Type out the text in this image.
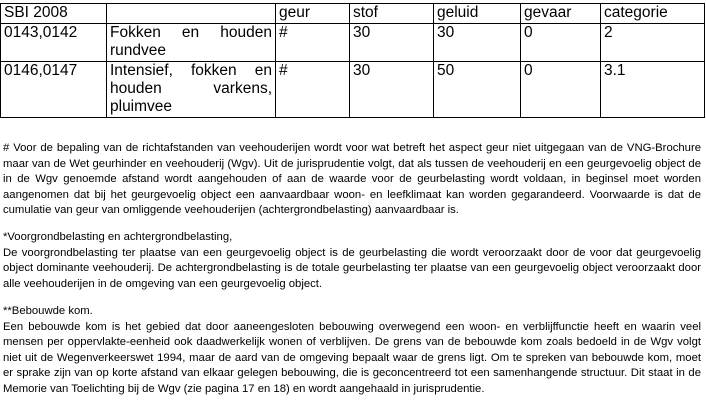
SBI 2008		geur	stof	geluid	gevaar	categorie
0143,0142	Fokken en houden rundvee	#	30	30	0	2
0146,0147	Intensief, fokken en houden varkens, pluimvee	#	30	50	0	3.1

# Voor de bepaling van de richtafstanden van veehouderijen wordt voor wat betreft het aspect geur niet uitgegaan van de VNG-Brochure maar van de Wet geurhinder en veehouderij (Wgv). Uit de jurisprudentie volgt, dat als tussen de veehouderij en een geurgevoelig object de in de Wgv genoemde afstand wordt aangehouden of aan de waarde voor de geurbelasting wordt voldaan, in beginsel moet worden aangenomen dat bij het geurgevoelig object een aanvaardbaar woon- en leefklimaat kan worden gegarandeerd. Voorwaarde is dat de cumulatie van geur van omliggende veehouderijen (achtergrondbelasting) aanvaardbaar is.

*Voorgrondbelasting en achtergrondbelasting,

De voorgrondbelasting ter plaatse van een geurgevoelig object is de geurbelasting die wordt veroorzaakt door de voor dat geurgevoelig object dominante veehouderij. De achtergrondbelasting is de totale geurbelasting ter plaatse van een geurgevoelig object veroorzaakt door alle veehouderijen in de omgeving van een geurgevoelig object.

**Bebouwde kom.

Een bebouwde kom is het gebied dat door aaneengesloten bebouwing overwegend een woon- en verblijffunctie heeft en waarin veel mensen per oppervlakte-eenheid ook daadwerkelijk wonen of verblijven. De grens van de bebouwde kom zoals bedoeld in de Wgv volgt niet uit de Wegenverkeerswet 1994, maar de aard van de omgeving bepaalt waar de grens ligt. Om te spreken van bebouwde kom, moet er sprake zijn van op korte afstand van elkaar gelegen bebouwing, die is geconcentreerd tot een samenhangende structuur. Dit staat in de Memorie van Toelichting bij de Wgv (zie pagina 17 en 18) en wordt aangehaald in jurisprudentie.
